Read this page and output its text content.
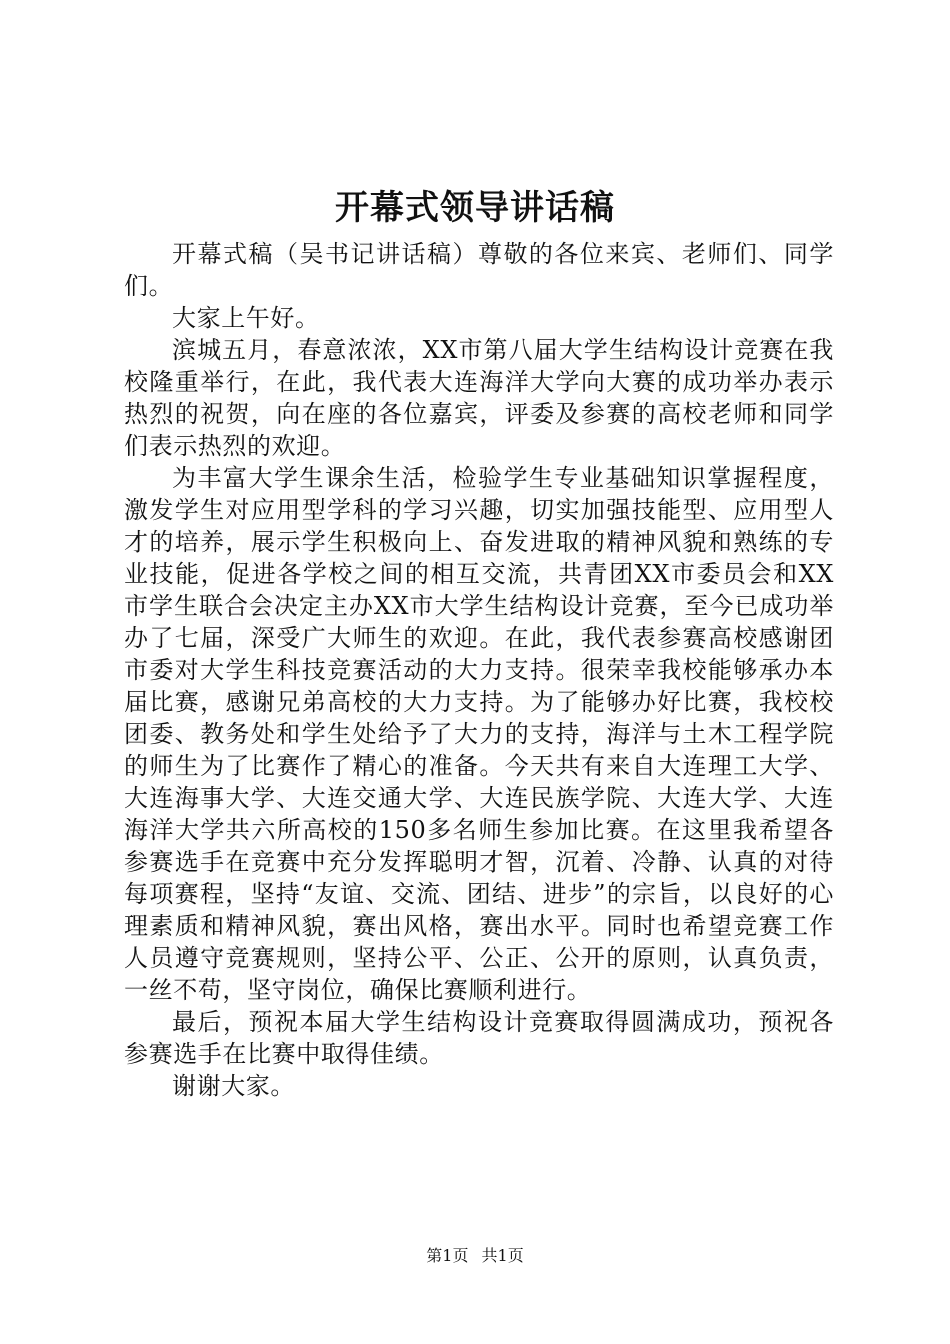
开幕式领导讲话稿

开幕式稿（吴书记讲话稿）尊敬的各位来宾、老师们、同学们。

大家上午好。

滨城五月，春意浓浓，XX市第八届大学生结构设计竞赛在我校隆重举行，在此，我代表大连海洋大学向大赛的成功举办表示热烈的祝贺，向在座的各位嘉宾，评委及参赛的高校老师和同学们表示热烈的欢迎。

为丰富大学生课余生活，检验学生专业基础知识掌握程度，激发学生对应用型学科的学习兴趣，切实加强技能型、应用型人才的培养，展示学生积极向上、奋发进取的精神风貌和熟练的专业技能，促进各学校之间的相互交流，共青团XX市委员会和XX市学生联合会决定主办XX市大学生结构设计竞赛，至今已成功举办了七届，深受广大师生的欢迎。在此，我代表参赛高校感谢团市委对大学生科技竞赛活动的大力支持。很荣幸我校能够承办本届比赛，感谢兄弟高校的大力支持。为了能够办好比赛，我校校团委、教务处和学生处给予了大力的支持，海洋与土木工程学院的师生为了比赛作了精心的准备。今天共有来自大连理工大学、大连海事大学、大连交通大学、大连民族学院、大连大学、大连海洋大学共六所高校的150多名师生参加比赛。在这里我希望各参赛选手在竞赛中充分发挥聪明才智，沉着、冷静、认真的对待每项赛程，坚持“友谊、交流、团结、进步”的宗旨，以良好的心理素质和精神风貌，赛出风格，赛出水平。同时也希望竞赛工作人员遵守竞赛规则，坚持公平、公正、公开的原则，认真负责，一丝不苟，坚守岗位，确保比赛顺利进行。

最后，预祝本届大学生结构设计竞赛取得圆满成功，预祝各参赛选手在比赛中取得佳绩。

谢谢大家。

第1页 共1页
